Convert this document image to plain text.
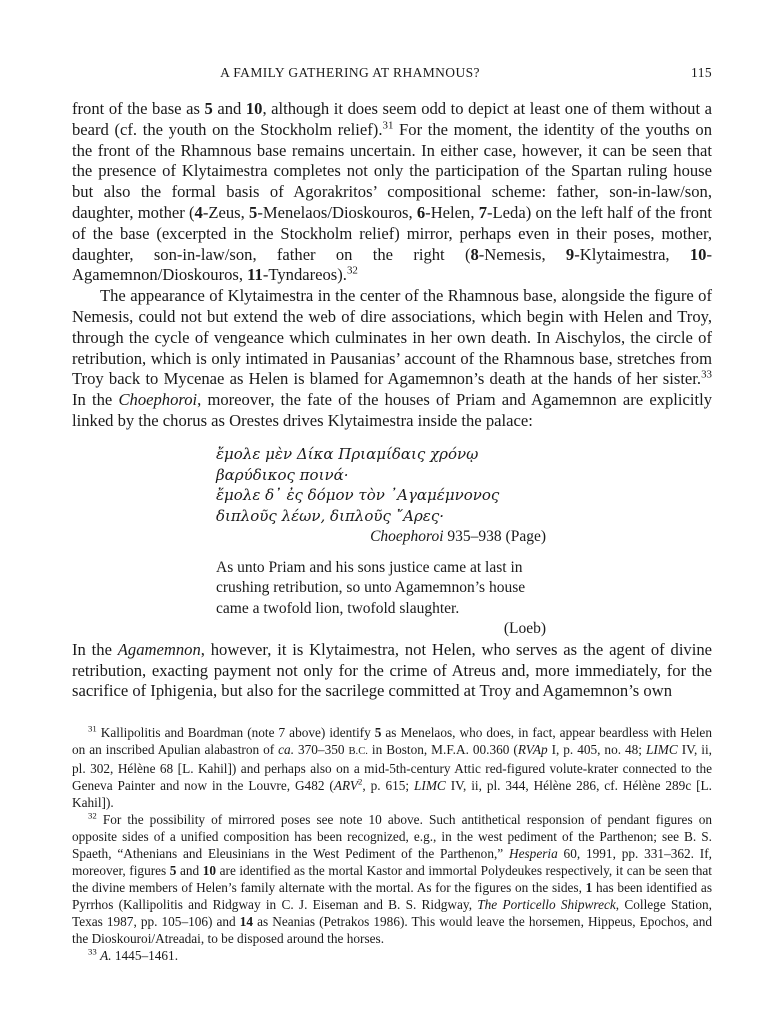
A FAMILY GATHERING AT RHAMNOUS?	115

front of the base as 5 and 10, although it does seem odd to depict at least one of them without a beard (cf. the youth on the Stockholm relief).$^{31}$ For the moment, the identity of the youths on the front of the Rhamnous base remains uncertain. In either case, however, it can be seen that the presence of Klytaimestra completes not only the participation of the Spartan ruling house but also the formal basis of Agorakritos’ compositional scheme: father, son-in-law/son, daughter, mother (4-Zeus, 5-Menelaos/Dioskouros, 6-Helen, 7-Leda) on the left half of the front of the base (excerpted in the Stockholm relief) mirror, perhaps even in their poses, mother, daughter, son-in-law/son, father on the right (8-Nemesis, 9-Klytaimestra, 10-Agamemnon/Dioskouros, 11-Tyndareos).$^{32}$

The appearance of Klytaimestra in the center of the Rhamnous base, alongside the figure of Nemesis, could not but extend the web of dire associations, which begin with Helen and Troy, through the cycle of vengeance which culminates in her own death. In Aischylos, the circle of retribution, which is only intimated in Pausanias’ account of the Rhamnous base, stretches from Troy back to Mycenae as Helen is blamed for Agamemnon’s death at the hands of her sister.$^{33}$ In the Choephoroi, moreover, the fate of the houses of Priam and Agamemnon are explicitly linked by the chorus as Orestes drives Klytaimestra inside the palace:

ἔμολε μὲν Δίκα Πριαμίδαις χρόνῳ
βαρύδικος ποινά·
ἔμολε δ᾽ ἐς δόμον τὸν ᾽Αγαμέμνονος
διπλοῦς λέων, διπλοῦς ῎Αρες·
Choephoroi 935–938 (Page)
As unto Priam and his sons justice came at last in
crushing retribution, so unto Agamemnon’s house
came a twofold lion, twofold slaughter.
(Loeb)

In the Agamemnon, however, it is Klytaimestra, not Helen, who serves as the agent of divine retribution, exacting payment not only for the crime of Atreus and, more immediately, for the sacrifice of Iphigenia, but also for the sacrilege committed at Troy and Agamemnon’s own

$^{31}$ Kallipolitis and Boardman (note 7 above) identify 5 as Menelaos, who does, in fact, appear beardless with Helen on an inscribed Apulian alabastron of ca. 370–350 B.C. in Boston, M.F.A. 00.360 (RVAp I, p. 405, no. 48; LIMC IV, ii, pl. 302, Hélène 68 [L. Kahil]) and perhaps also on a mid-5th-century Attic red-figured volute-krater connected to the Geneva Painter and now in the Louvre, G482 (ARV$^2$, p. 615; LIMC IV, ii, pl. 344, Hélène 286, cf. Hélène 289c [L. Kahil]).

$^{32}$ For the possibility of mirrored poses see note 10 above. Such antithetical responsion of pendant figures on opposite sides of a unified composition has been recognized, e.g., in the west pediment of the Parthenon; see B. S. Spaeth, “Athenians and Eleusinians in the West Pediment of the Parthenon,” Hesperia 60, 1991, pp. 331–362. If, moreover, figures 5 and 10 are identified as the mortal Kastor and immortal Polydeukes respectively, it can be seen that the divine members of Helen’s family alternate with the mortal. As for the figures on the sides, 1 has been identified as Pyrrhos (Kallipolitis and Ridgway in C. J. Eiseman and B. S. Ridgway, The Porticello Shipwreck, College Station, Texas 1987, pp. 105–106) and 14 as Neanias (Petrakos 1986). This would leave the horsemen, Hippeus, Epochos, and the Dioskouroi/Atreadai, to be disposed around the horses.

$^{33}$ A. 1445–1461.
